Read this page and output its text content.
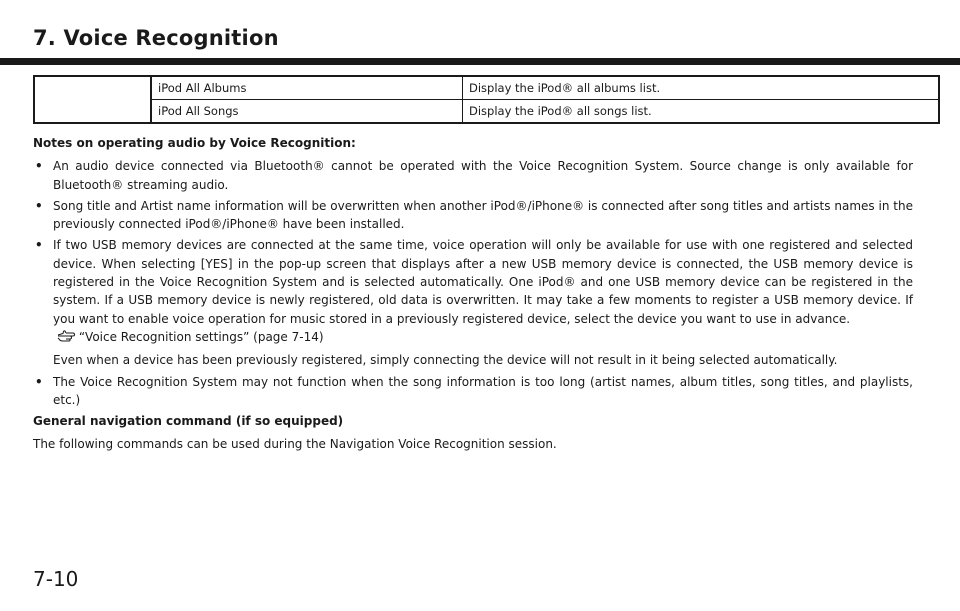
7. Voice Recognition
	iPod All Albums	Display the iPod® all albums list.
	iPod All Songs	Display the iPod® all songs list.
Notes on operating audio by Voice Recognition:
• An audio device connected via Bluetooth® cannot be operated with the Voice Recognition System. Source change is only available for Bluetooth® streaming audio.
• Song title and Artist name information will be overwritten when another iPod®/iPhone® is connected after song titles and artists names in the previously connected iPod®/iPhone® have been installed.
• If two USB memory devices are connected at the same time, voice operation will only be available for use with one registered and selected device. When selecting [YES] in the pop-up screen that displays after a new USB memory device is connected, the USB memory device is registered in the Voice Recognition System and is selected automatically. One iPod® and one USB memory device can be registered in the system. If a USB memory device is newly registered, old data is overwritten. It may take a few moments to register a USB memory device. If you want to enable voice operation for music stored in a previously registered device, select the device you want to use in advance.
“Voice Recognition settings” (page 7-14)
Even when a device has been previously registered, simply connecting the device will not result in it being selected automatically.
• The Voice Recognition System may not function when the song information is too long (artist names, album titles, song titles, and playlists, etc.)
General navigation command (if so equipped)
The following commands can be used during the Navigation Voice Recognition session.
7-10
